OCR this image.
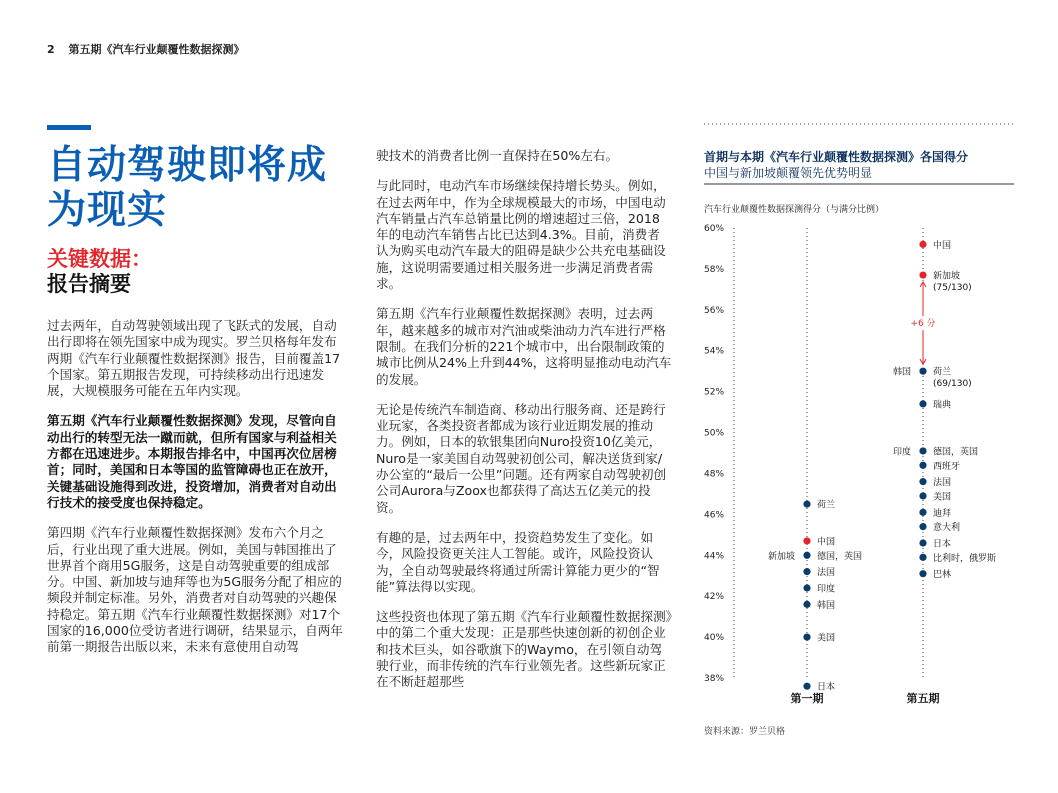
2 第五期《汽车行业颠覆性数据探测》
自动驾驶即将成
为现实
关键数据：
报告摘要

过去两年，自动驾驶领域出现了飞跃式的发展，自动出行即将在领先国家中成为现实。罗兰贝格每年发布两期《汽车行业颠覆性数据探测》报告，目前覆盖17个国家。第五期报告发现，可持续移动出行迅速发展，大规模服务可能在五年内实现。

第五期《汽车行业颠覆性数据探测》发现，尽管向自动出行的转型无法一蹴而就，但所有国家与利益相关方都在迅速进步。本期报告排名中，中国再次位居榜首；同时，美国和日本等国的监管障碍也正在放开，关键基础设施得到改进，投资增加，消费者对自动出行技术的接受度也保持稳定。

第四期《汽车行业颠覆性数据探测》发布六个月之后，行业出现了重大进展。例如，美国与韩国推出了世界首个商用5G服务，这是自动驾驶重要的组成部分。中国、新加坡与迪拜等也为5G服务分配了相应的频段并制定标准。另外，消费者对自动驾驶的兴趣保持稳定。第五期《汽车行业颠覆性数据探测》对17个国家的16,000位受访者进行调研，结果显示，自两年前第一期报告出版以来，未来有意使用自动驾

驶技术的消费者比例一直保持在50%左右。

与此同时，电动汽车市场继续保持增长势头。例如，在过去两年中，作为全球规模最大的市场，中国电动汽车销量占汽车总销量比例的增速超过三倍，2018年的电动汽车销售占比已达到4.3%。目前，消费者认为购买电动汽车最大的阻碍是缺少公共充电基础设施，这说明需要通过相关服务进一步满足消费者需求。

第五期《汽车行业颠覆性数据探测》表明，过去两年，越来越多的城市对汽油或柴油动力汽车进行严格限制。在我们分析的221个城市中，出台限制政策的城市比例从24%上升到44%，这将明显推动电动汽车的发展。

无论是传统汽车制造商、移动出行服务商、还是跨行业玩家，各类投资者都成为该行业近期发展的推动力。例如，日本的软银集团向Nuro投资10亿美元，Nuro是一家美国自动驾驶初创公司，解决送货到家/办公室的“最后一公里”问题。还有两家自动驾驶初创公司Aurora与Zoox也都获得了高达五亿美元的投资。

有趣的是，过去两年中，投资趋势发生了变化。如今，风险投资更关注人工智能。或许，风险投资认为，全自动驾驶最终将通过所需计算能力更少的“智能”算法得以实现。

这些投资也体现了第五期《汽车行业颠覆性数据探测》中的第二个重大发现：正是那些快速创新的初创企业和技术巨头，如谷歌旗下的Waymo，在引领自动驾驶行业，而非传统的汽车行业领先者。这些新玩家正在不断赶超那些

首期与本期《汽车行业颠覆性数据探测》各国得分
中国与新加坡颠覆领先优势明显
汽车行业颠覆性数据探测得分（与满分比例）
60%
58%
56%
54%
52%
50%
48%
46%
44%
42%
40%
38%
荷兰
中国
德国，英国
新加坡
法国
印度
韩国
美国
日本
第一期
中国
新加坡
(75/130)
荷兰
(69/130)
韩国
瑞典
德国，英国
印度
西班牙
法国
美国
迪拜
意大利
日本
比利时，俄罗斯
巴林
第五期
+6 分
资料来源：罗兰贝格
